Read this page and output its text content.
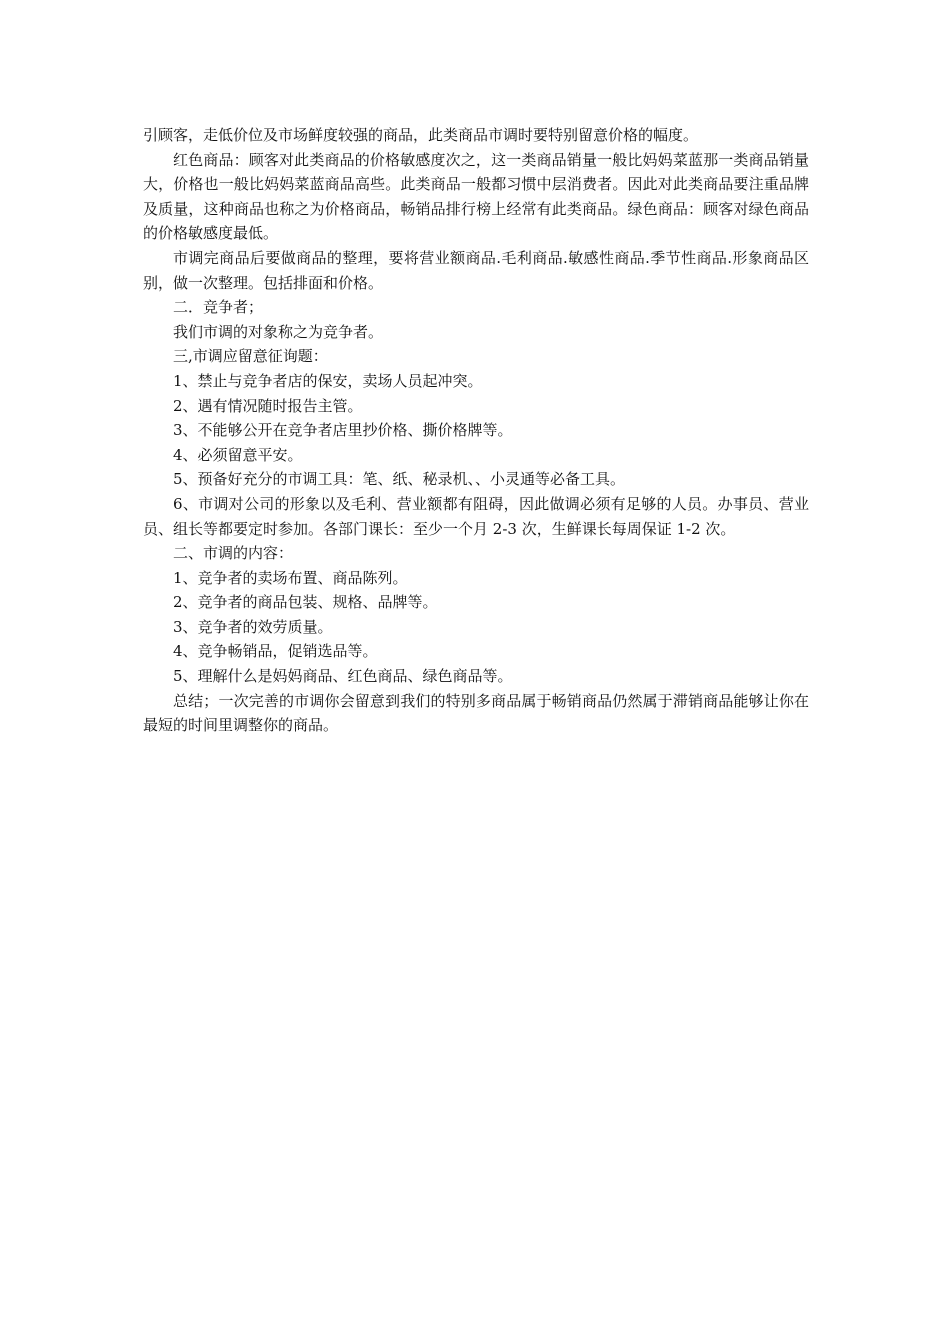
引顾客，走低价位及市场鲜度较强的商品，此类商品市调时要特别留意价格的幅度。

红色商品：顾客对此类商品的价格敏感度次之，这一类商品销量一般比妈妈菜蓝那一类商品销量大，价格也一般比妈妈菜蓝商品高些。此类商品一般都习惯中层消费者。因此对此类商品要注重品牌及质量，这种商品也称之为价格商品，畅销品排行榜上经常有此类商品。绿色商品：顾客对绿色商品的价格敏感度最低。

市调完商品后要做商品的整理，要将营业额商品.毛利商品.敏感性商品.季节性商品.形象商品区别，做一次整理。包括排面和价格。

二．竞争者；

我们市调的对象称之为竞争者。

三,市调应留意征询题：

1、禁止与竞争者店的保安，卖场人员起冲突。

2、遇有情况随时报告主管。

3、不能够公开在竞争者店里抄价格、撕价格牌等。

4、必须留意平安。

5、预备好充分的市调工具：笔、纸、秘录机、、小灵通等必备工具。

6、市调对公司的形象以及毛利、营业额都有阻碍，因此做调必须有足够的人员。办事员、营业员、组长等都要定时参加。各部门课长：至少一个月 2-3 次，生鲜课长每周保证 1-2 次。

二、市调的内容：

1、竞争者的卖场布置、商品陈列。

2、竞争者的商品包装、规格、品牌等。

3、竞争者的效劳质量。

4、竞争畅销品，促销选品等。

5、理解什么是妈妈商品、红色商品、绿色商品等。

总结；一次完善的市调你会留意到我们的特别多商品属于畅销商品仍然属于滞销商品能够让你在最短的时间里调整你的商品。
